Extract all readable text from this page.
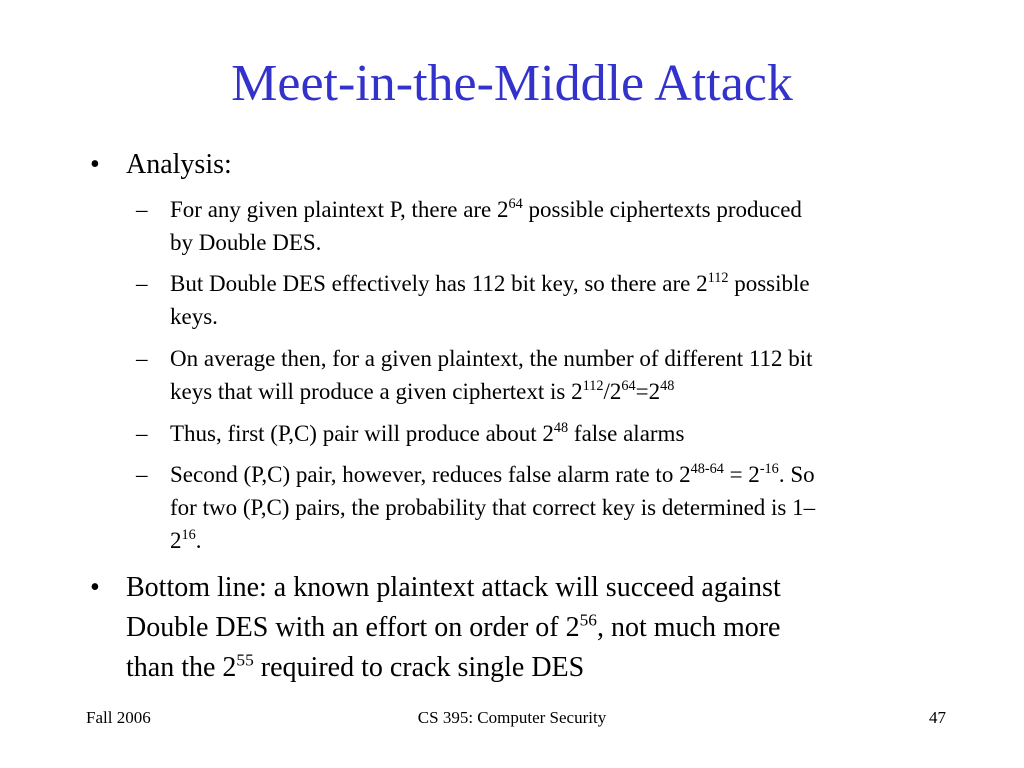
Meet-in-the-Middle Attack
• Analysis:
– For any given plaintext P, there are $2^{64}$ possible ciphertexts produced
by Double DES.
– But Double DES effectively has 112 bit key, so there are $2^{112}$ possible
keys.
– On average then, for a given plaintext, the number of different 112 bit
keys that will produce a given ciphertext is $2^{112}/2^{64}=2^{48}$
– Thus, first (P,C) pair will produce about $2^{48}$ false alarms
– Second (P,C) pair, however, reduces false alarm rate to $2^{48-64} = 2^{-16}$. So
for two (P,C) pairs, the probability that correct key is determined is 1–
$2^{16}$.
• Bottom line: a known plaintext attack will succeed against
Double DES with an effort on order of $2^{56}$, not much more
than the $2^{55}$ required to crack single DES
Fall 2006	CS 395: Computer Security	47
